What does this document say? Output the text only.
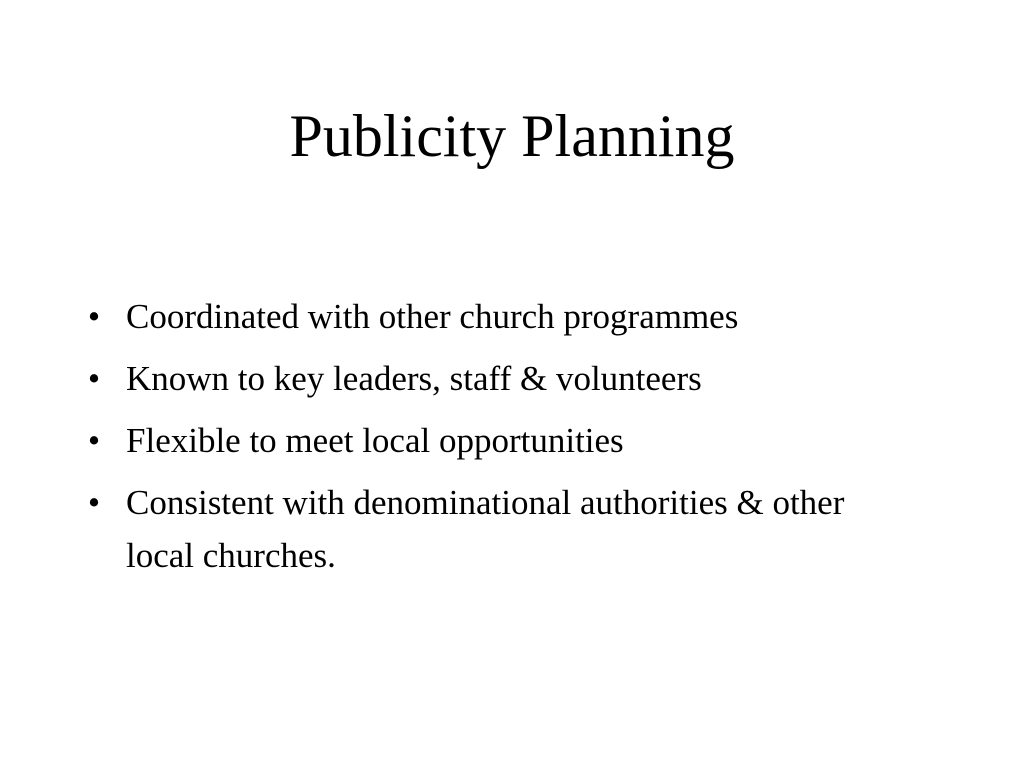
Publicity Planning
• Coordinated with other church programmes
• Known to key leaders, staff & volunteers
• Flexible to meet local opportunities
• Consistent with denominational authorities & other local churches.
